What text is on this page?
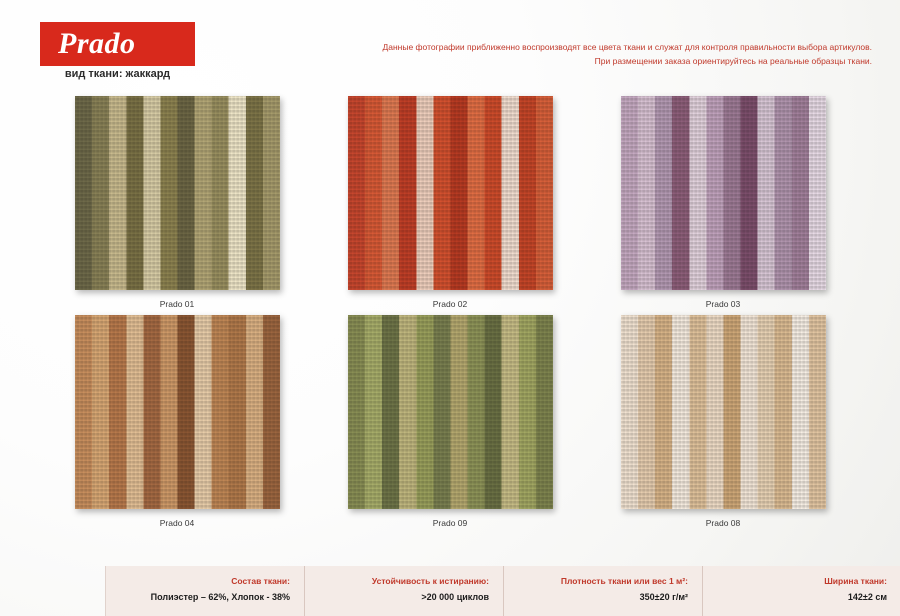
Prado
вид ткани: жаккард
Данные фотографии приближенно воспроизводят все цвета ткани и служат для контроля правильности выбора артикулов.
При размещении заказа ориентируйтесь на реальные образцы ткани.
Prado 01	Prado 02	Prado 03
Prado 04	Prado 09	Prado 08
Состав ткани:
Полиэстер – 62%, Хлопок - 38%
Устойчивость к истиранию:
>20 000 циклов
Плотность ткани или вес 1 м²:
350±20 г/м²
Ширина ткани:
142±2 см
